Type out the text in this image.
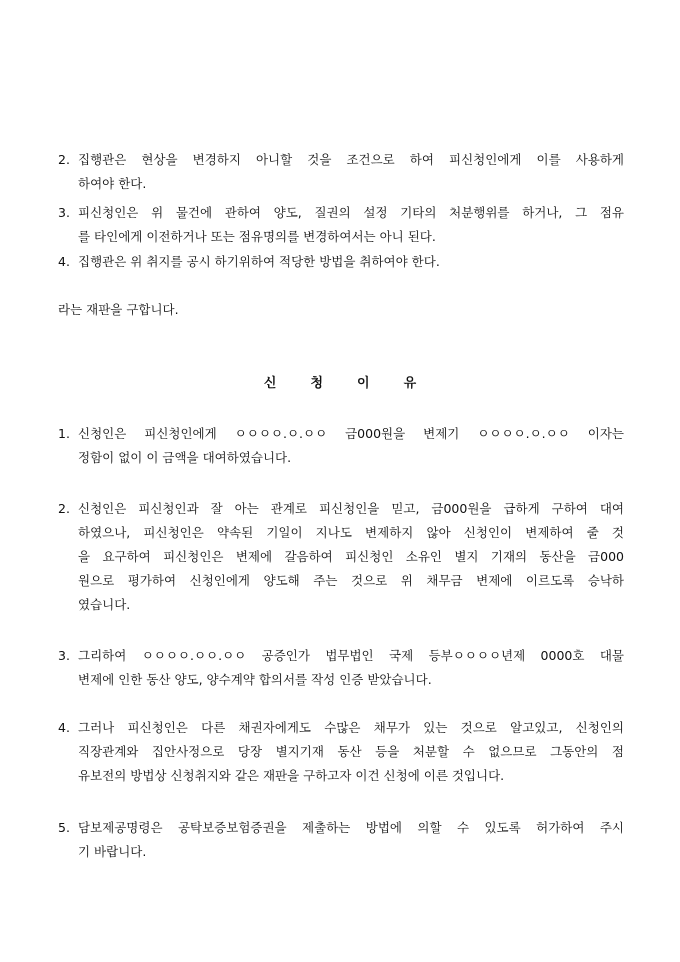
2. 집행관은 현상을 변경하지 아니할 것을 조건으로 하여 피신청인에게 이를 사용하게
하여야 한다.
3. 피신청인은 위 물건에 관하여 양도, 질권의 설정 기타의 처분행위를 하거나, 그 점유
를 타인에게 이전하거나 또는 점유명의를 변경하여서는 아니 된다.
4. 집행관은 위 취지를 공시 하기위하여 적당한 방법을 취하여야 한다.
라는 재판을 구합니다.
신	청	이	유
1. 신청인은 피신청인에게 ㅇㅇㅇㅇ.ㅇ.ㅇㅇ 금000원을 변제기 ㅇㅇㅇㅇ.ㅇ.ㅇㅇ 이자는
정함이 없이 이 금액을 대여하였습니다.
2. 신청인은 피신청인과 잘 아는 관계로 피신청인을 믿고, 금000원을 급하게 구하여 대여
하였으나, 피신청인은 약속된 기일이 지나도 변제하지 않아 신청인이 변제하여 줄 것
을 요구하여 피신청인은 변제에 갈음하여 피신청인 소유인 별지 기재의 동산을 금000
원으로 평가하여 신청인에게 양도해 주는 것으로 위 채무금 변제에 이르도록 승낙하
였습니다.
3. 그리하여 ㅇㅇㅇㅇ.ㅇㅇ.ㅇㅇ 공증인가 법무법인 국제 등부ㅇㅇㅇㅇ년제 0000호 대물
변제에 인한 동산 양도, 양수계약 합의서를 작성 인증 받았습니다.
4. 그러나 피신청인은 다른 채권자에게도 수많은 채무가 있는 것으로 알고있고, 신청인의
직장관계와 집안사정으로 당장 별지기재 동산 등을 처분할 수 없으므로 그동안의 점
유보전의 방법상 신청취지와 같은 재판을 구하고자 이건 신청에 이른 것입니다.
5. 담보제공명령은 공탁보증보험증권을 제출하는 방법에 의할 수 있도록 허가하여 주시
기 바랍니다.
